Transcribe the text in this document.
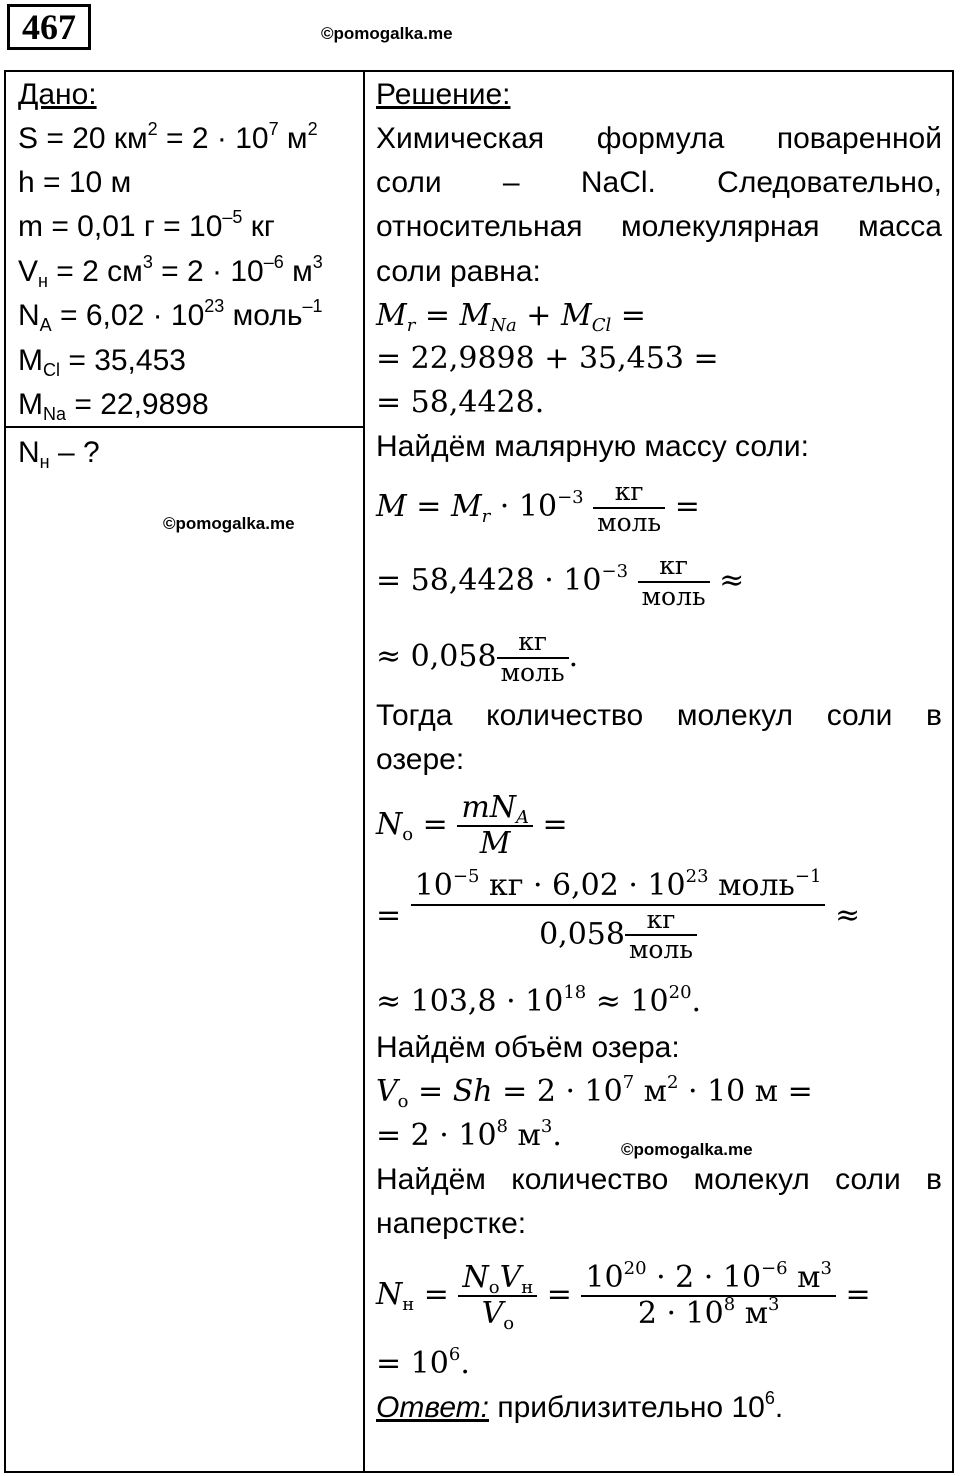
467	©pomogalka.me
Дано:
S = 20 $км^2 = 2 \cdot 10^7$ $м^2$
h = 10 м
m = 0,01 $г = 10^{-5}$ кг
$V_н = 2$ $см^3 = 2 \cdot 10^{-6}$ $м^3$
$N_A = 6,02 \cdot 10^{23}$ моль$^{-1}$
$M_{Cl} = 35,453$
$M_{Na} = 22,9898$
$N_н$ – ?
©pomogalka.me
Решение:
Химическая формула поваренной
соли – NaCl. Следовательно,
относительная молекулярная масса
соли равна:
$M_r = M_{Na} + M_{Cl}$ =
= 22,9898 + 35,453 =
= 58,4428.
Найдём малярную массу соли:
$M = M_r \cdot 10^{-3} \frac{кг}{\text{моль}}$ =
= $58,4428 \cdot 10^{-3} \frac{кг}{\text{моль}}$ ≈
≈ $0,058 \frac{кг}{\text{моль}}$ .
Тогда количество молекул соли в
озере:
$N_о = \frac{mN_A}{M}$ =
= $\frac{10^{-5} кг \cdot 6,02 \cdot 10^{23} моль^{-1}}{0,058 \frac{кг}{\text{моль}}}$ ≈
≈ $103,8 \cdot 10^{18} \approx 10^{20}$.
Найдём объём озера:
$V_о = Sh = 2 \cdot 10^7$ $м^2 \cdot 10$ м =
= $2 \cdot 10^8$ $м^3$.	©pomogalka.me
Найдём количество молекул соли в
наперстке:
$N_н = \frac{N_оV_н}{V_о} = \frac{10^{20} \cdot 2 \cdot 10^{-6} м^3}{2 \cdot 10^8 м^3}$ =
= $10^6$.
Ответ: приблизительно $10^6$.
